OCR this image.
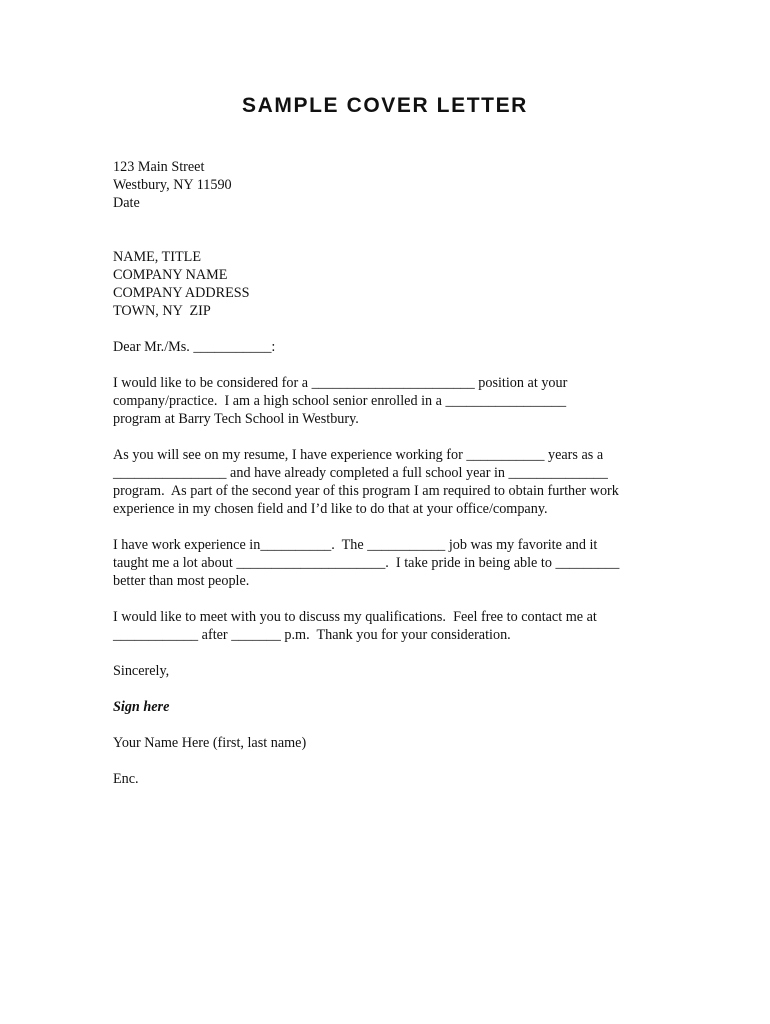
SAMPLE COVER LETTER
123 Main Street
Westbury, NY 11590
Date
NAME, TITLE
COMPANY NAME
COMPANY ADDRESS
TOWN, NY  ZIP
Dear Mr./Ms. ___________:
I would like to be considered for a _______________________ position at your
company/practice.  I am a high school senior enrolled in a _________________
program at Barry Tech School in Westbury.
As you will see on my resume, I have experience working for ___________ years as a
________________ and have already completed a full school year in ______________
program.  As part of the second year of this program I am required to obtain further work
experience in my chosen field and I’d like to do that at your office/company.
I have work experience in__________.  The ___________ job was my favorite and it
taught me a lot about _____________________.  I take pride in being able to _________
better than most people.
I would like to meet with you to discuss my qualifications.  Feel free to contact me at
____________ after _______ p.m.  Thank you for your consideration.
Sincerely,
Sign here
Your Name Here (first, last name)
Enc.
